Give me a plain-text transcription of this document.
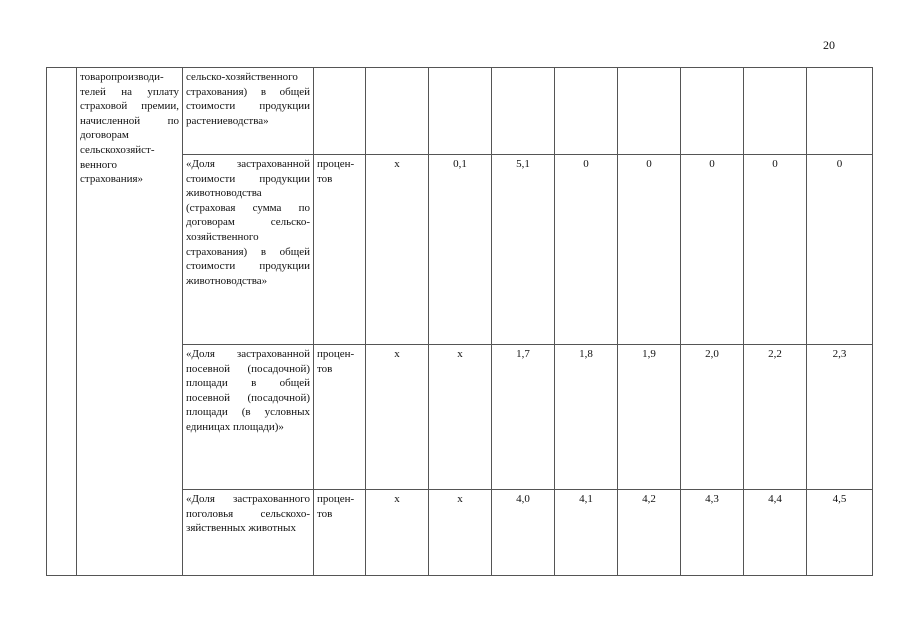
20
	товаропроизводи-телей на уплату страховой премии, начисленной по договорам сельскохозяйст-венного страхования»	сельско-хозяйственного страхования) в общей стоимости продукции растениеводства»									
		«Доля застрахованной стоимости продукции животноводства (страховая сумма по договорам сельско-хозяйственного страхования) в общей стоимости продукции животноводства»	процен-тов	х	0,1	5,1	0	0	0	0	0
		«Доля застрахованной посевной (посадочной) площади в общей посевной (посадочной) площади (в условных единицах площади)»	процен-тов	х	х	1,7	1,8	1,9	2,0	2,2	2,3
		«Доля застрахованного поголовья сельскохо-зяйственных животных	процен-тов	х	х	4,0	4,1	4,2	4,3	4,4	4,5
